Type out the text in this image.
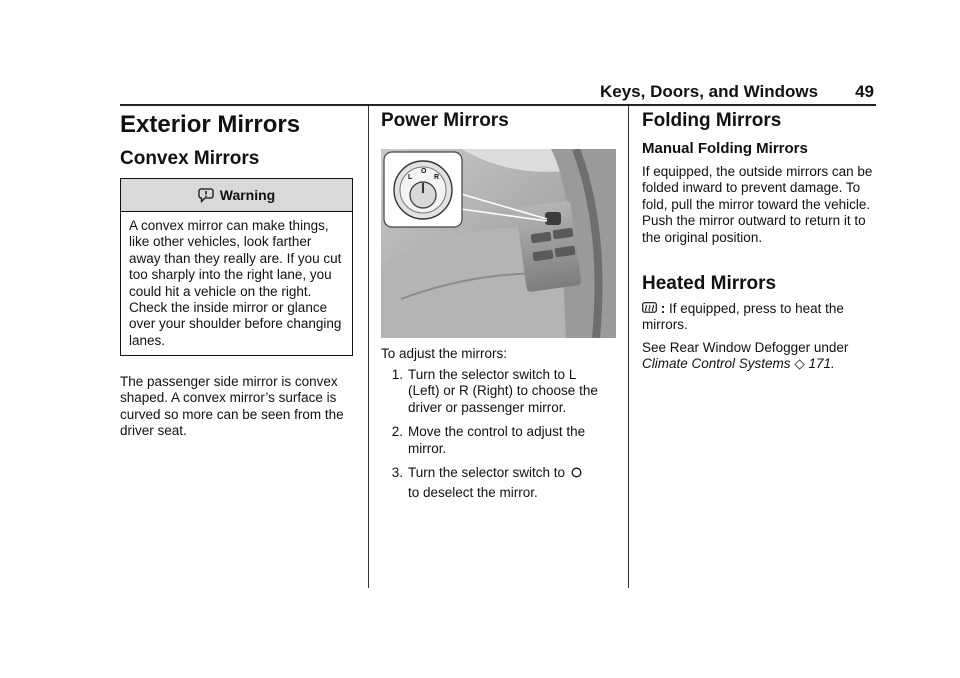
Keys, Doors, and Windows 49
Exterior Mirrors
Convex Mirrors
Warning
A convex mirror can make things, like other vehicles, look farther away than they really are. If you cut too sharply into the right lane, you could hit a vehicle on the right. Check the inside mirror or glance over your shoulder before changing lanes.
The passenger side mirror is convex shaped. A convex mirror’s surface is curved so more can be seen from the driver seat.
Power Mirrors
L
O
R
To adjust the mirrors:
1. Turn the selector switch to L (Left) or R (Right) to choose the driver or passenger mirror.
2. Move the control to adjust the mirror.
3. Turn the selector switch to
to deselect the mirror.
Folding Mirrors
Manual Folding Mirrors
If equipped, the outside mirrors can be folded inward to prevent damage. To fold, pull the mirror toward the vehicle. Push the mirror outward to return it to the original position.
Heated Mirrors
: If equipped, press to heat the mirrors.
See Rear Window Defogger under
Climate Control Systems ◇ 171.
